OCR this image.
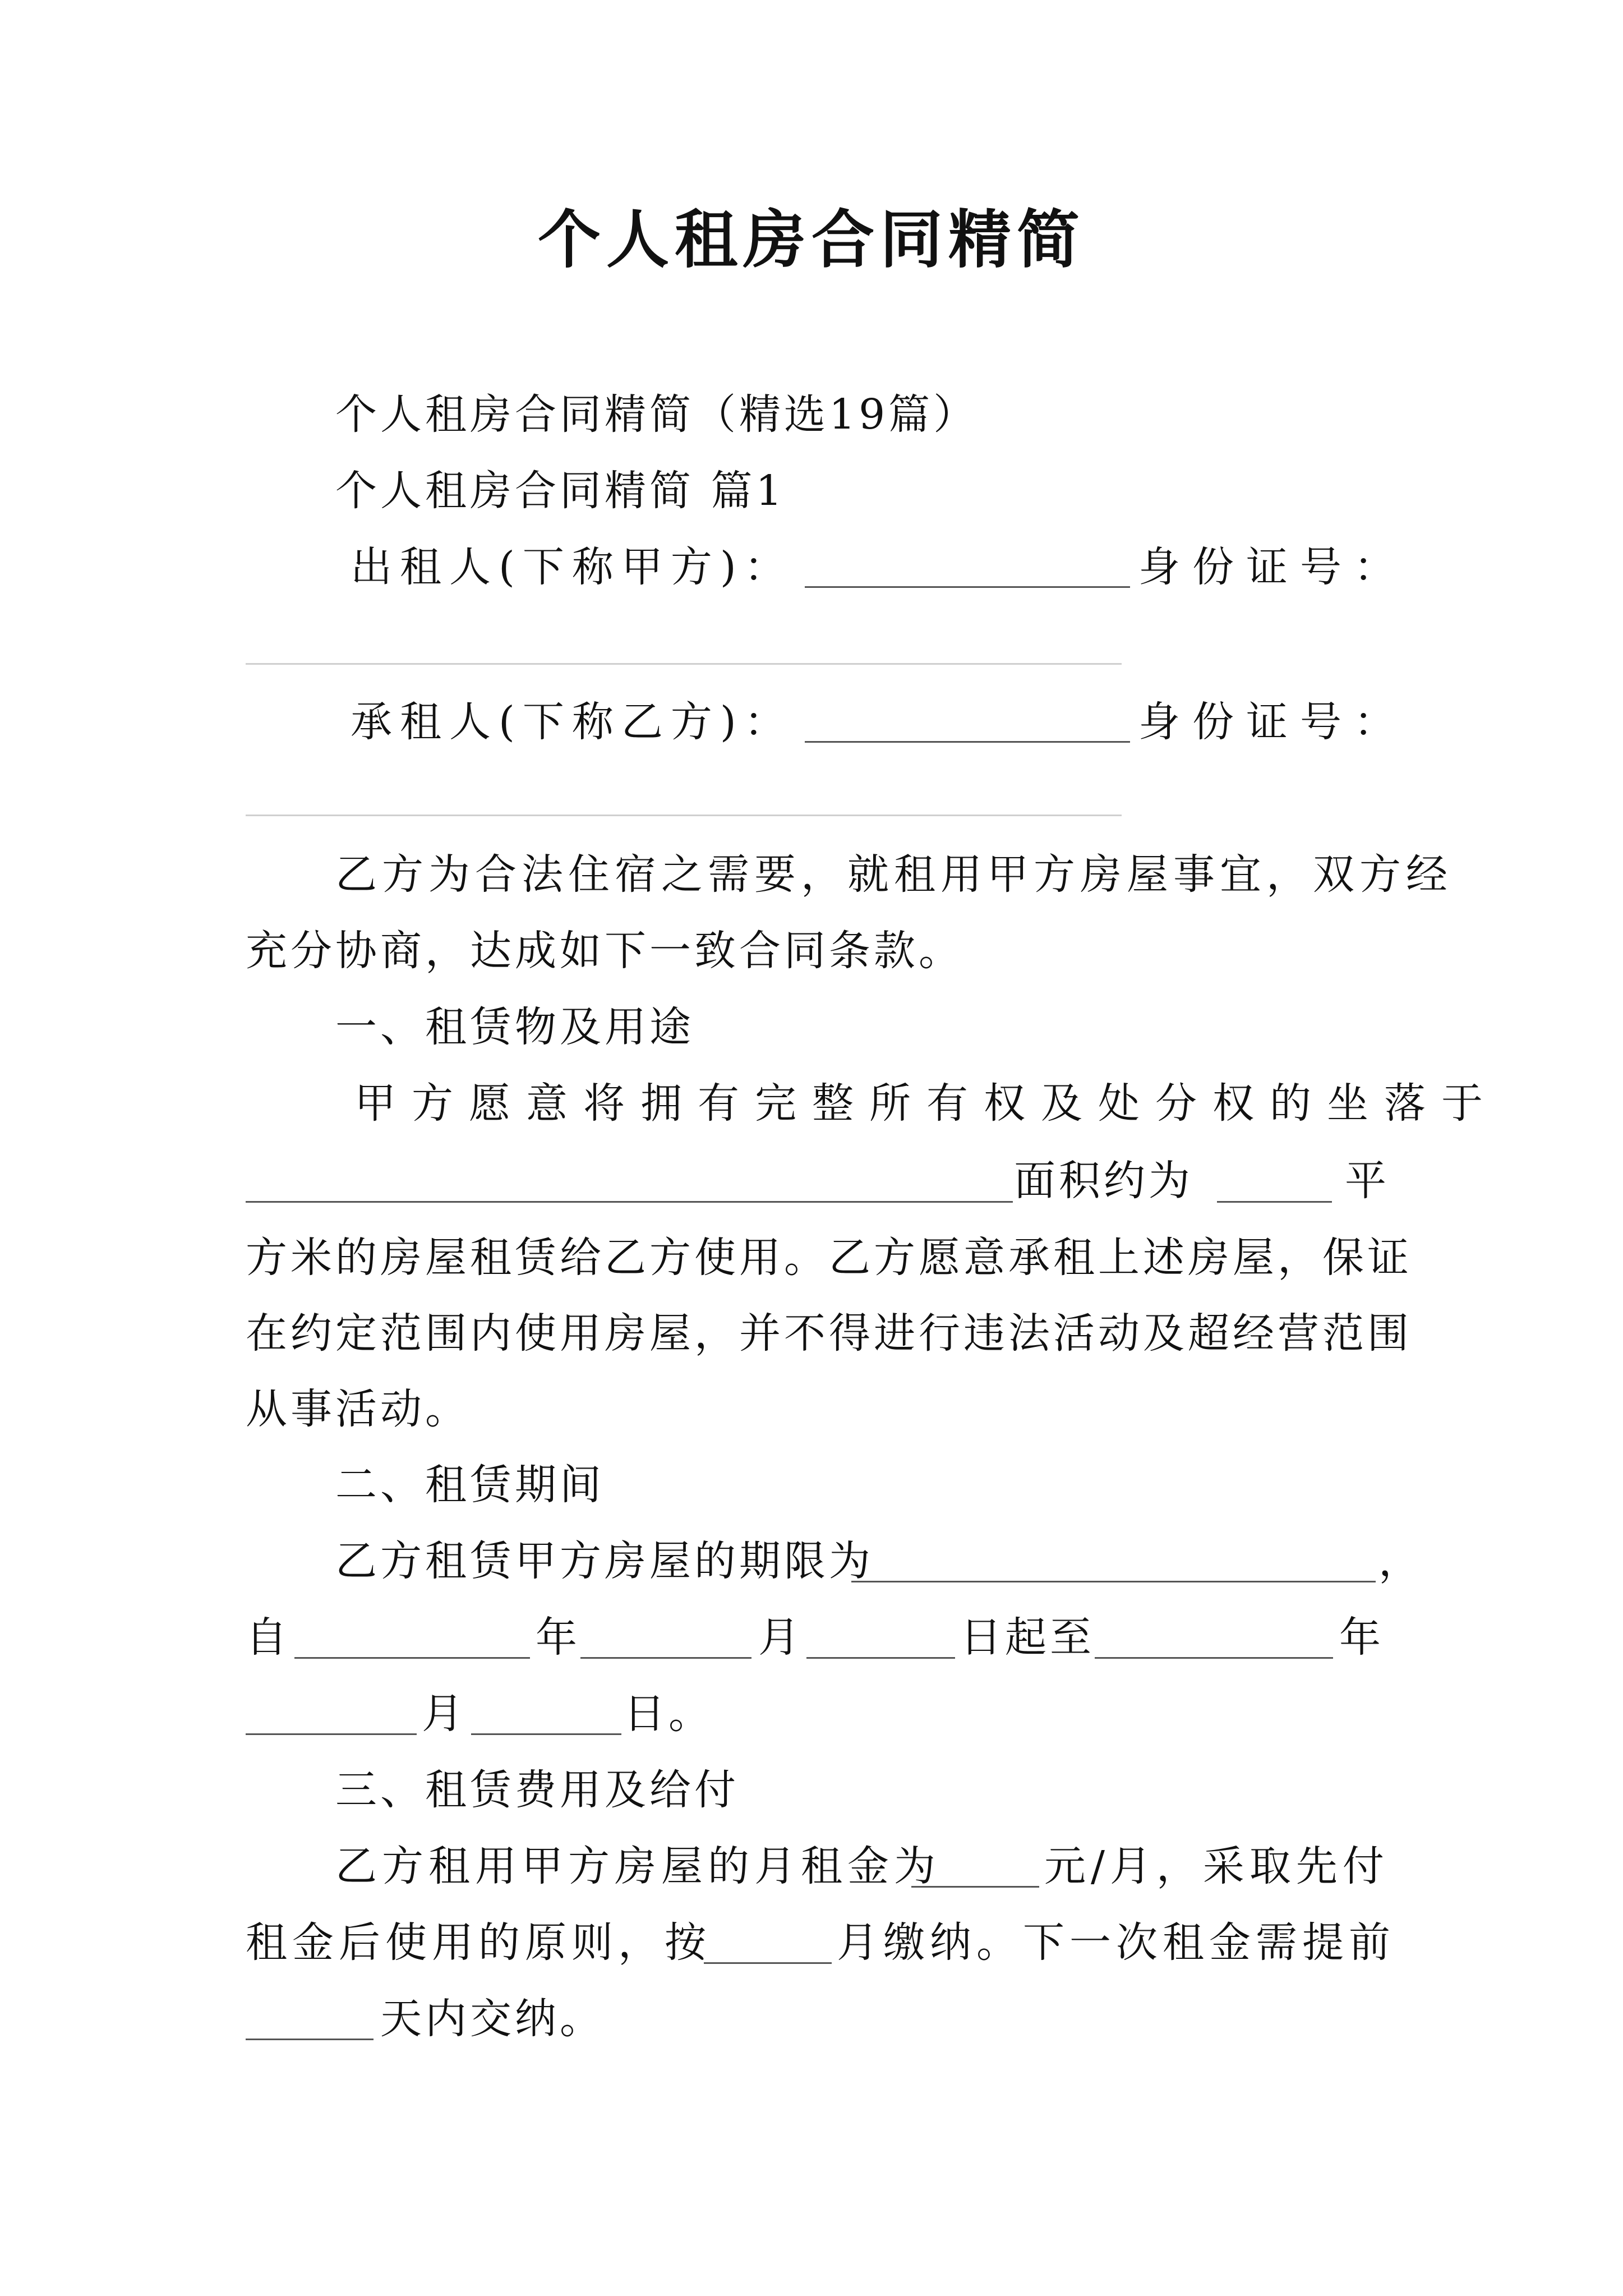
个人租房合同精简
个人租房合同精简（精选19篇）
个人租房合同精简 篇1
出租人(下称甲方)：	身份证号：
承租人(下称乙方)：	身份证号：
乙方为合法住宿之需要，就租用甲方房屋事宜，双方经
充分协商，达成如下一致合同条款。
一、租赁物及用途
甲方愿意将拥有完整所有权及处分权的坐落于
面积约为	平
方米的房屋租赁给乙方使用。乙方愿意承租上述房屋，保证
在约定范围内使用房屋，并不得进行违法活动及超经营范围
从事活动。
二、租赁期间
乙方租赁甲方房屋的期限为	，
自	年	月	日起至	年
月	日。
三、租赁费用及给付
乙方租用甲方房屋的月租金为	元/月，采取先付
租金后使用的原则，按	月缴纳。下一次租金需提前
天内交纳。
